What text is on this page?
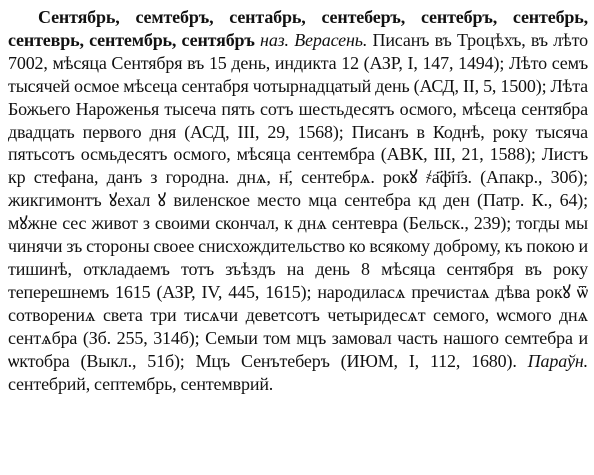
Сентябрь, семтебръ, сентабрь, сентеберъ, сентебръ, сентебрь, сентеврь, сентембрь, сентябръ наз. Верасень. Писанъ въ Троцѣхъ, въ лѣто 7002, мѣсяца Сентября въ 15 день, индикта 12 (АЗР, I, 147, 1494); Лѣто семъ тысячей осмое мѣсеца сентабря чотырнадцатый день (АСД, II, 5, 1500); Лѣта Божьего Нароженья тысеча пять сотъ шестьдесятъ осмого, мѣсеца сентябра двадцать первого дня (АСД, III, 29, 1568); Писанъ в Коднѣ, року тысяча пятьсотъ осмьдесятъ осмого, мѣсяца сентембра (АВК, III, 21, 1588); Листъ кр стефана, данъ з городна. днѧ, н҃, сентебрѧ. рокꙋ ҂а҃ф҃п҃з. (Апакр., 30б); жикгимонтъ ꙋехал ꙋ виленское место мца сентебра кд ден (Патр. К., 64); мꙋжне сес живот з своими скончал, к днѧ сентевра (Бельск., 239); тогды мы чинячи зъ стороны своее снисхождительство ко всякому доброму, къ покою и тишинѣ, откладаемъ тотъ зъѣздъ на день 8 мѣсяца сентября въ року теперешнемъ 1615 (АЗР, IV, 445, 1615); народиласѧ пречистаѧ дѣва рокꙋ ѿ сотворениѧ света три тисѧчи деветсотъ четыридесѧт семого, ѡсмого днѧ сентѧбра (Зб. 255, 314б); Семыи том мцъ замовал часть нашого семтебра и ѡктобра (Выкл., 51б); Мцъ Сенътеберъ (ИЮМ, I, 112, 1680). Параўн. сентебрий, септембрь, сентемврий.
